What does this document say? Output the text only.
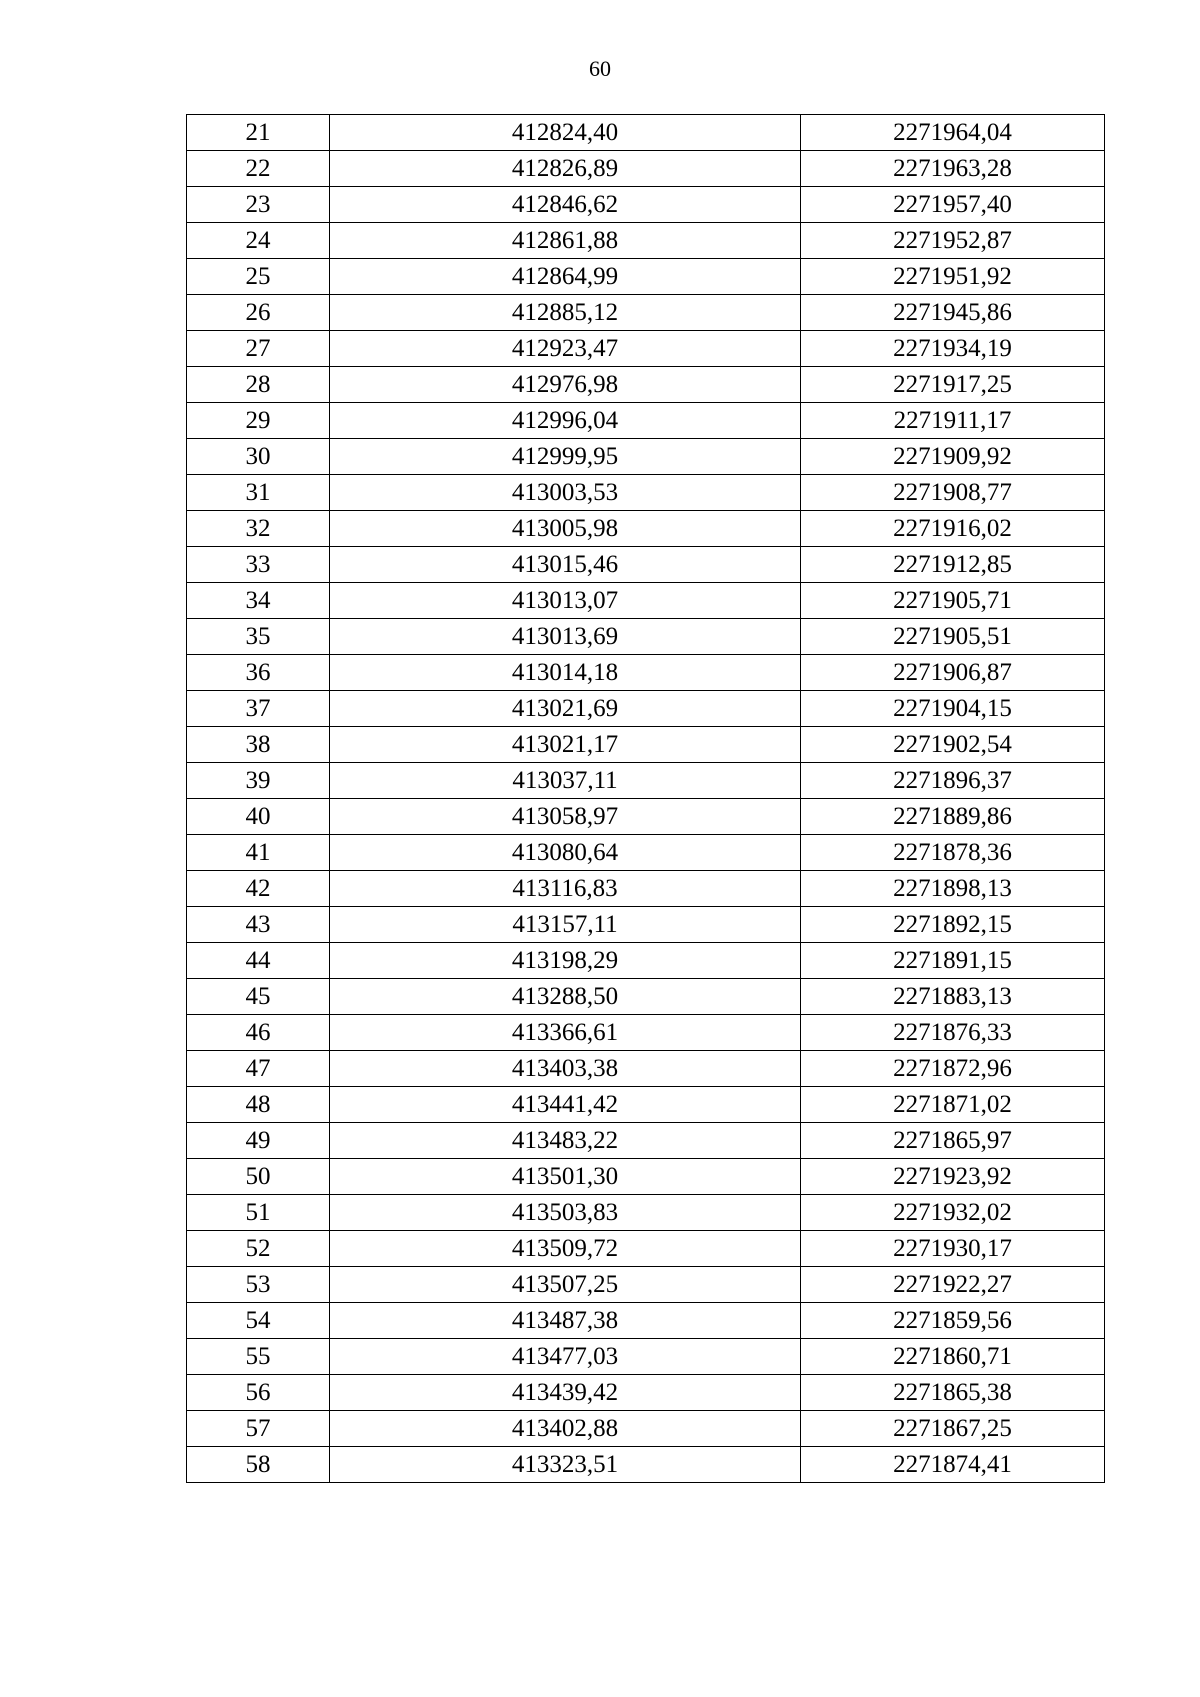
60
21	412824,40	2271964,04
22	412826,89	2271963,28
23	412846,62	2271957,40
24	412861,88	2271952,87
25	412864,99	2271951,92
26	412885,12	2271945,86
27	412923,47	2271934,19
28	412976,98	2271917,25
29	412996,04	2271911,17
30	412999,95	2271909,92
31	413003,53	2271908,77
32	413005,98	2271916,02
33	413015,46	2271912,85
34	413013,07	2271905,71
35	413013,69	2271905,51
36	413014,18	2271906,87
37	413021,69	2271904,15
38	413021,17	2271902,54
39	413037,11	2271896,37
40	413058,97	2271889,86
41	413080,64	2271878,36
42	413116,83	2271898,13
43	413157,11	2271892,15
44	413198,29	2271891,15
45	413288,50	2271883,13
46	413366,61	2271876,33
47	413403,38	2271872,96
48	413441,42	2271871,02
49	413483,22	2271865,97
50	413501,30	2271923,92
51	413503,83	2271932,02
52	413509,72	2271930,17
53	413507,25	2271922,27
54	413487,38	2271859,56
55	413477,03	2271860,71
56	413439,42	2271865,38
57	413402,88	2271867,25
58	413323,51	2271874,41
